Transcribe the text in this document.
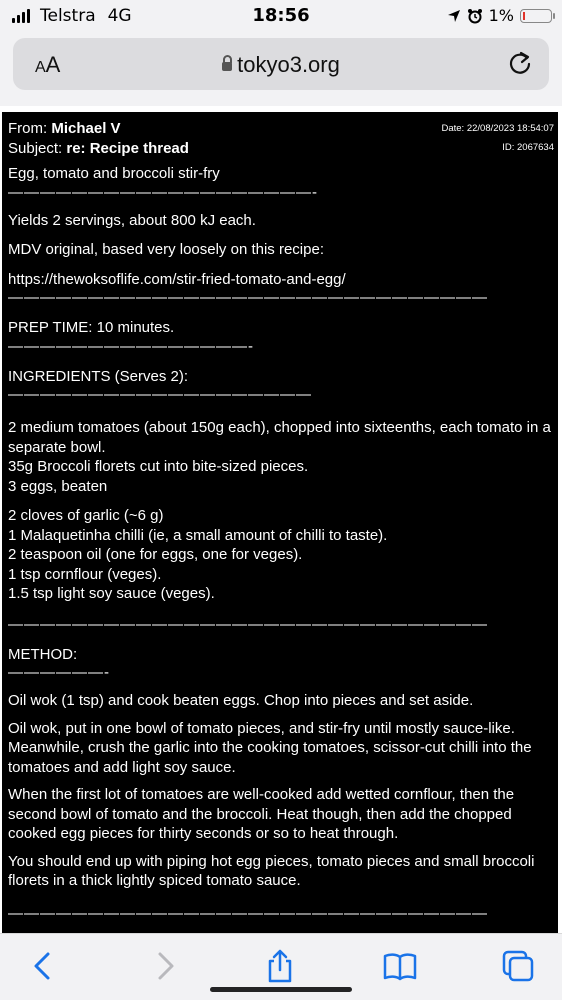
Telstra 4G	18:56	1%
AA	tokyo3.org
From: Michael V
Subject: re: Recipe thread
Date: 22/08/2023 18:54:07
ID: 2067634

Egg, tomato and broccoli stir-fry

———————————————————-

Yields 2 servings, about 800 kJ each.

MDV original, based very loosely on this recipe:

https://thewoksoflife.com/stir-fried-tomato-and-egg/

——————————————————————————————

PREP TIME: 10 minutes.

———————————————-

INGREDIENTS (Serves 2):

———————————————————

2 medium tomatoes (about 150g each), chopped into sixteenths, each tomato in a separate bowl.

35g Broccoli florets cut into bite-sized pieces.

3 eggs, beaten

2 cloves of garlic (~6 g)

1 Malaquetinha chilli (ie, a small amount of chilli to taste).

2 teaspoon oil (one for eggs, one for veges).

1 tsp cornflour (veges).

1.5 tsp light soy sauce (veges).

——————————————————————————————

METHOD:

——————-

Oil wok (1 tsp) and cook beaten eggs. Chop into pieces and set aside.

Oil wok, put in one bowl of tomato pieces, and stir-fry until mostly sauce-like. Meanwhile, crush the garlic into the cooking tomatoes, scissor-cut chilli into the tomatoes and add light soy sauce.

When the first lot of tomatoes are well-cooked add wetted cornflour, then the second bowl of tomato and the broccoli. Heat though, then add the chopped cooked egg pieces for thirty seconds or so to heat through.

You should end up with piping hot egg pieces, tomato pieces and small broccoli florets in a thick lightly spiced tomato sauce.

——————————————————————————————
